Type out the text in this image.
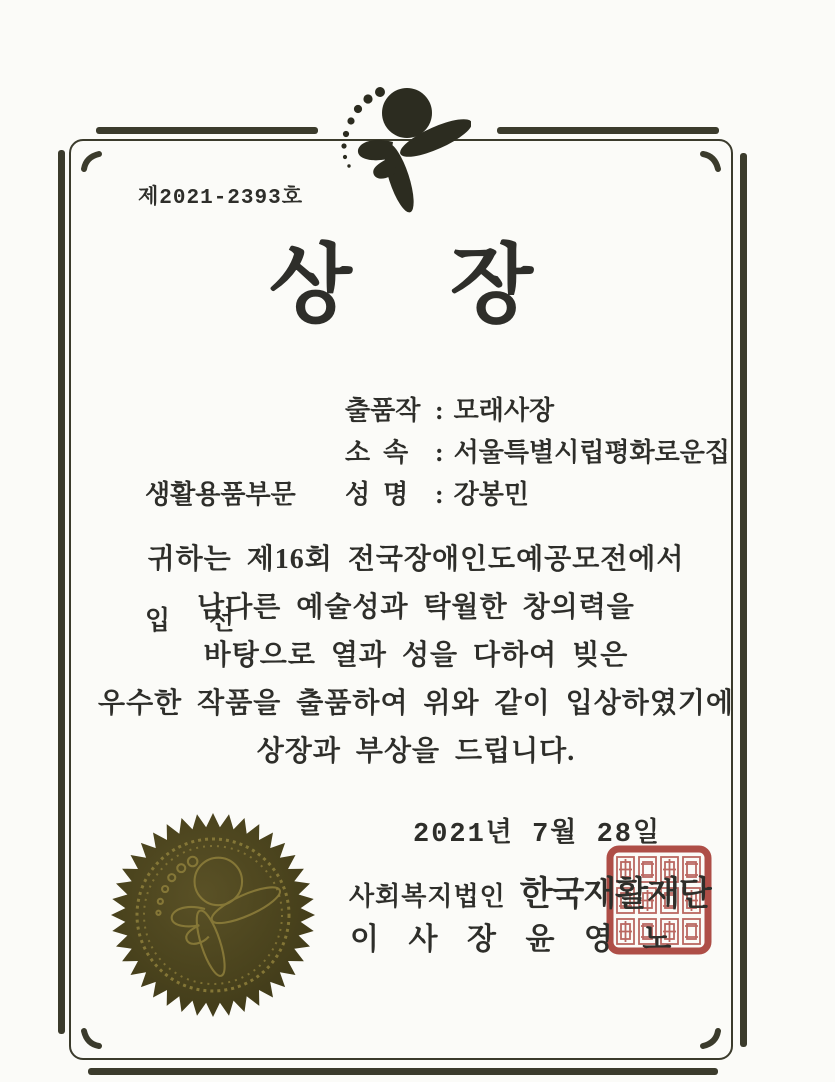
제2021-2393호
상 장

생활용품부문

입      선

출품작 : 모래사장
소  속	: 서울특별시립평화로운집
성  명	: 강봉민
귀하는 제16회 전국장애인도예공모전에서
남다른 예술성과 탁월한 창의력을
바탕으로 열과 성을 다하여 빚은
우수한 작품을 출품하여 위와 같이 입상하였기에
상장과 부상을 드립니다.
2021년 7월 28일
사회복지법인 한국재활재단
이 사 장 윤 영 노
